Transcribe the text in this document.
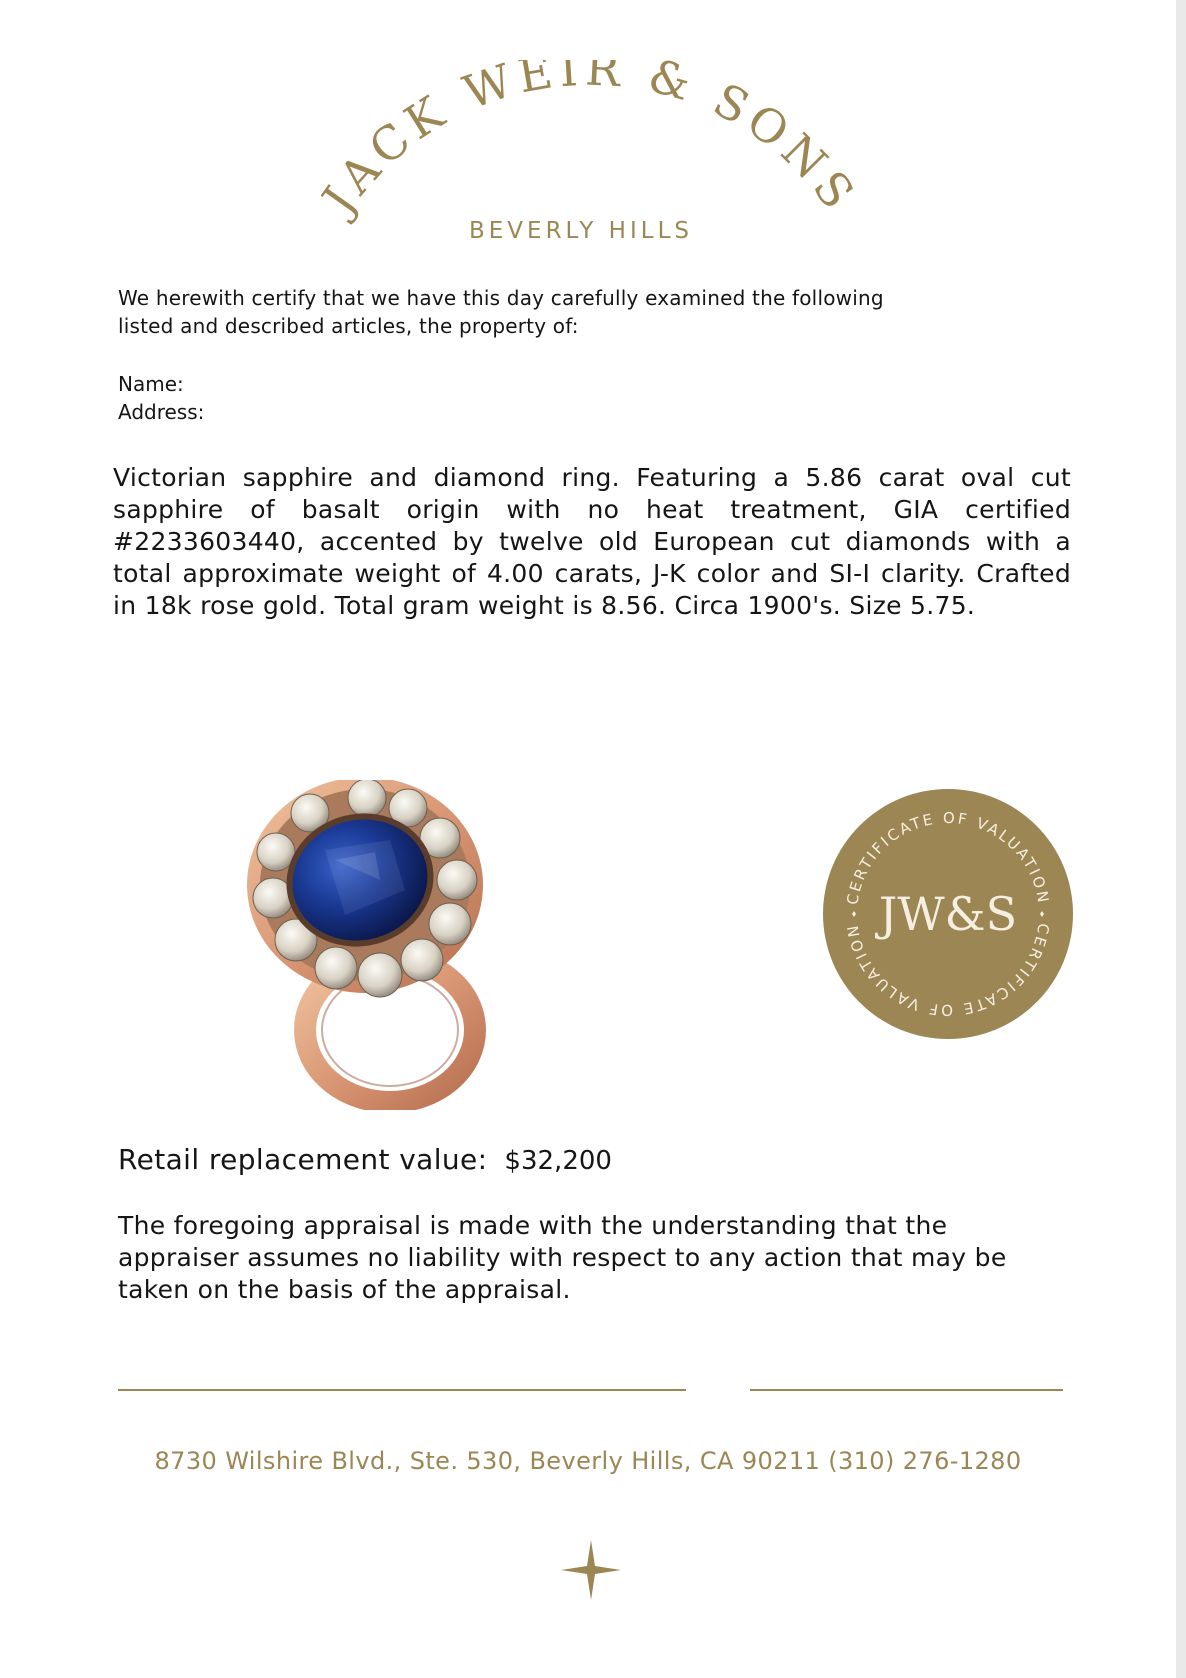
JACK WEIR & SONS
BEVERLY HILLS
We herewith certify that we have this day carefully examined the following listed and described articles, the property of:
Name:
Address:
Victorian sapphire and diamond ring. Featuring a 5.86 carat oval cut sapphire of basalt origin with no heat treatment, GIA certified #2233603440, accented by twelve old European cut diamonds with a total approximate weight of 4.00 carats, J-K color and SI-I clarity. Crafted in 18k rose gold. Total gram weight is 8.56. Circa 1900's. Size 5.75.
CERTIFICATE OF VALUATION
CERTIFICATE OF VALUATION JW&S
Retail replacement value: $32,200
The foregoing appraisal is made with the understanding that the appraiser assumes no liability with respect to any action that may be taken on the basis of the appraisal.
8730 Wilshire Blvd., Ste. 530, Beverly Hills, CA 90211 (310) 276-1280
